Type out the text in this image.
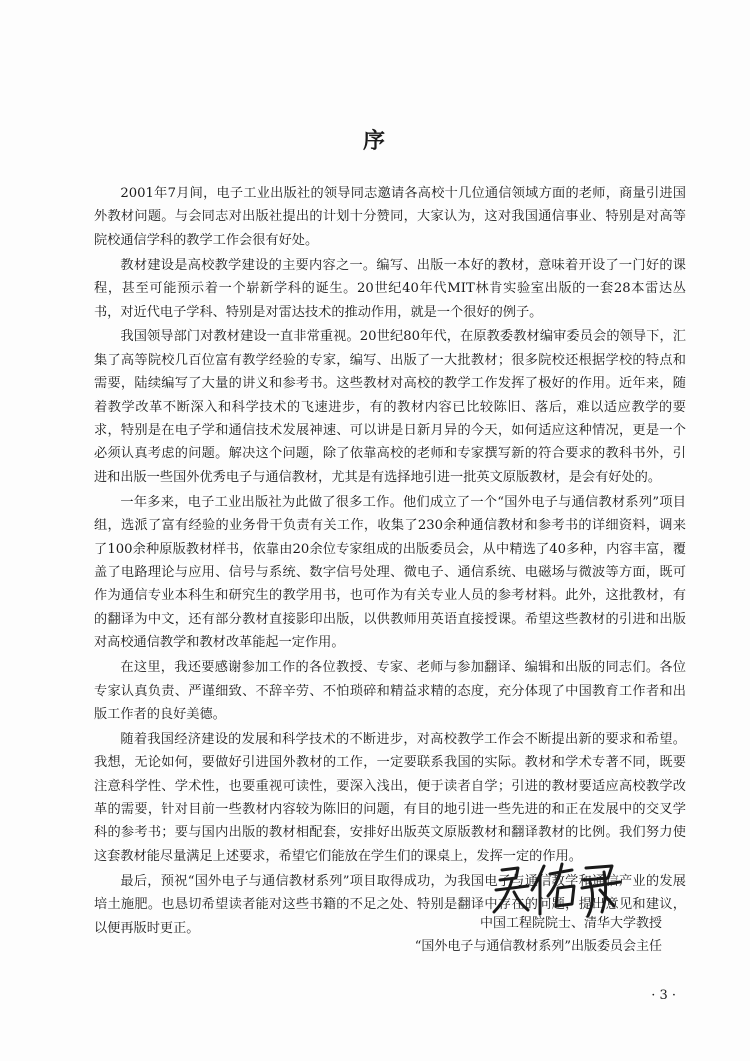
序

2001年7月间，电子工业出版社的领导同志邀请各高校十几位通信领域方面的老师，商量引进国外教材问题。与会同志对出版社提出的计划十分赞同，大家认为，这对我国通信事业、特别是对高等院校通信学科的教学工作会很有好处。

教材建设是高校教学建设的主要内容之一。编写、出版一本好的教材，意味着开设了一门好的课程，甚至可能预示着一个崭新学科的诞生。20世纪40年代MIT林肯实验室出版的一套28本雷达丛书，对近代电子学科、特别是对雷达技术的推动作用，就是一个很好的例子。

我国领导部门对教材建设一直非常重视。20世纪80年代，在原教委教材编审委员会的领导下，汇集了高等院校几百位富有教学经验的专家，编写、出版了一大批教材；很多院校还根据学校的特点和需要，陆续编写了大量的讲义和参考书。这些教材对高校的教学工作发挥了极好的作用。近年来，随着教学改革不断深入和科学技术的飞速进步，有的教材内容已比较陈旧、落后，难以适应教学的要求，特别是在电子学和通信技术发展神速、可以讲是日新月异的今天，如何适应这种情况，更是一个必须认真考虑的问题。解决这个问题，除了依靠高校的老师和专家撰写新的符合要求的教科书外，引进和出版一些国外优秀电子与通信教材，尤其是有选择地引进一批英文原版教材，是会有好处的。

一年多来，电子工业出版社为此做了很多工作。他们成立了一个“国外电子与通信教材系列”项目组，选派了富有经验的业务骨干负责有关工作，收集了230余种通信教材和参考书的详细资料，调来了100余种原版教材样书，依靠由20余位专家组成的出版委员会，从中精选了40多种，内容丰富，覆盖了电路理论与应用、信号与系统、数字信号处理、微电子、通信系统、电磁场与微波等方面，既可作为通信专业本科生和研究生的教学用书，也可作为有关专业人员的参考材料。此外，这批教材，有的翻译为中文，还有部分教材直接影印出版，以供教师用英语直接授课。希望这些教材的引进和出版对高校通信教学和教材改革能起一定作用。

在这里，我还要感谢参加工作的各位教授、专家、老师与参加翻译、编辑和出版的同志们。各位专家认真负责、严谨细致、不辞辛劳、不怕琐碎和精益求精的态度，充分体现了中国教育工作者和出版工作者的良好美德。

随着我国经济建设的发展和科学技术的不断进步，对高校教学工作会不断提出新的要求和希望。我想，无论如何，要做好引进国外教材的工作，一定要联系我国的实际。教材和学术专著不同，既要注意科学性、学术性，也要重视可读性，要深入浅出，便于读者自学；引进的教材要适应高校教学改革的需要，针对目前一些教材内容较为陈旧的问题，有目的地引进一些先进的和正在发展中的交叉学科的参考书；要与国内出版的教材相配套，安排好出版英文原版教材和翻译教材的比例。我们努力使这套教材能尽量满足上述要求，希望它们能放在学生们的课桌上，发挥一定的作用。

最后，预祝“国外电子与通信教材系列”项目取得成功，为我国电子与通信教学和通信产业的发展培土施肥。也恳切希望读者能对这些书籍的不足之处、特别是翻译中存在的问题，提出意见和建议，以便再版时更正。	中国工程院院士、清华大学教授
“国外电子与通信教材系列”出版委员会主任
· 3 ·
